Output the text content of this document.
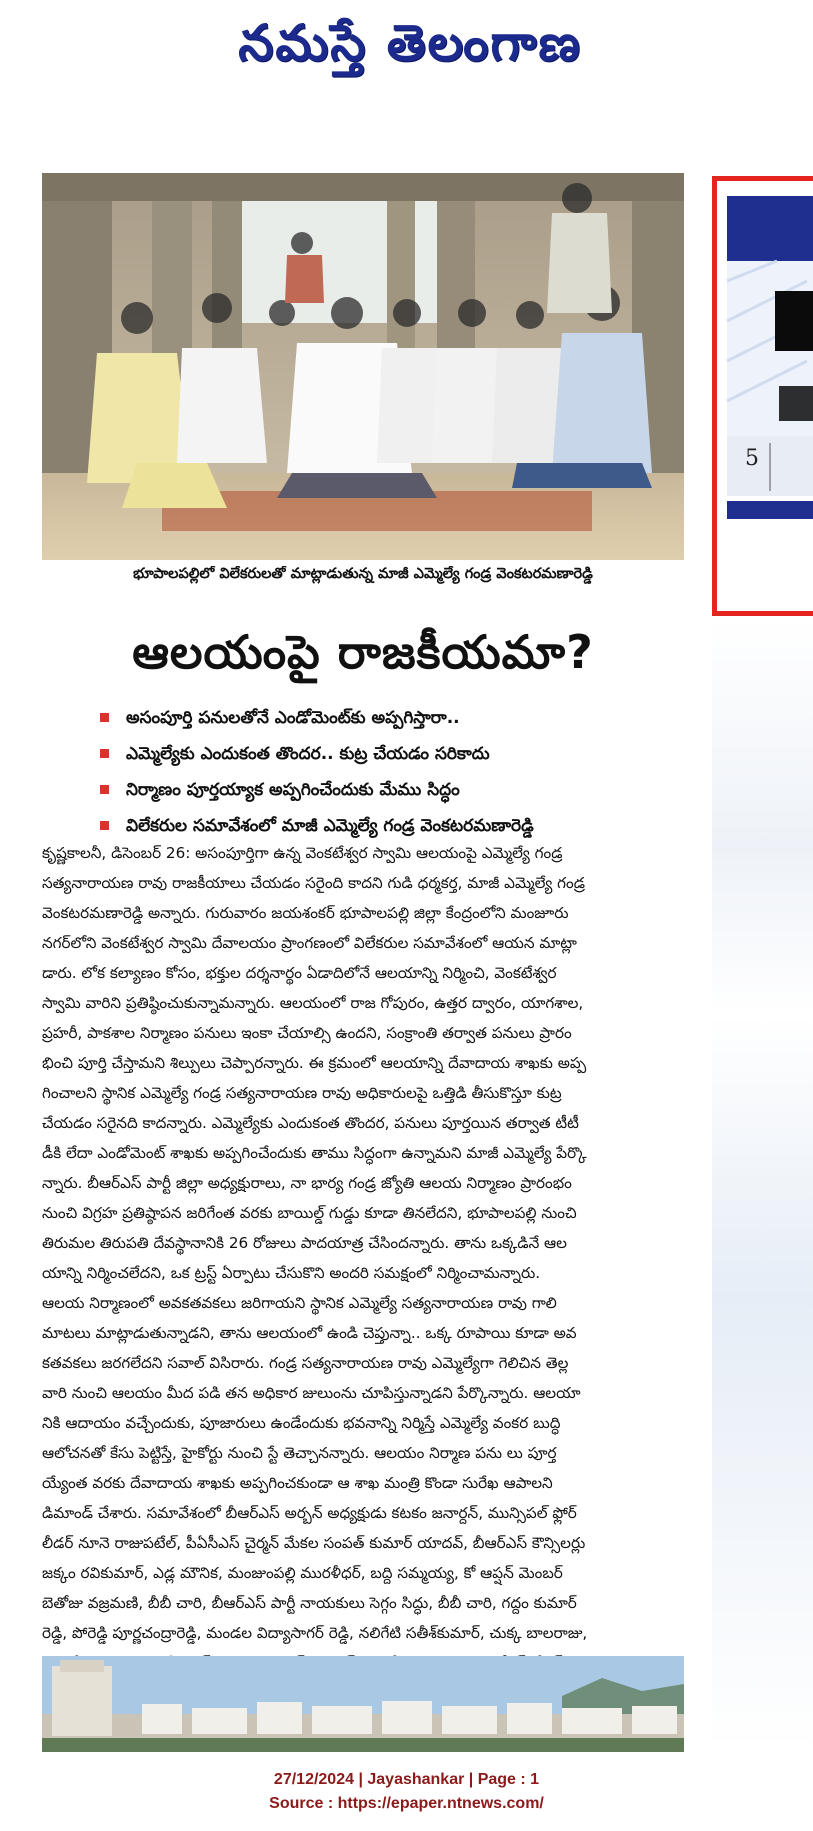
నమస్తే తెలంగాణ
భూపాలపల్లిలో విలేకరులతో మాట్లాడుతున్న మాజీ ఎమ్మెల్యే గండ్ర వెంకటరమణారెడ్డి
ఆలయంపై రాజకీయమా?
అసంపూర్తి పనులతోనే ఎండోమెంట్‌కు అప్పగిస్తారా..
ఎమ్మెల్యేకు ఎందుకంత తొందర.. కుట్ర చేయడం సరికాదు
నిర్మాణం పూర్తయ్యాక అప్పగించేందుకు మేము సిద్ధం
విలేకరుల సమావేశంలో మాజీ ఎమ్మెల్యే గండ్ర వెంకటరమణారెడ్డి
కృష్ణకాలనీ, డిసెంబర్ 26: అసంపూర్తిగా ఉన్న వెంకటేశ్వర స్వామి ఆలయంపై ఎమ్మెల్యే గండ్ర
సత్యనారాయణ రావు రాజకీయాలు చేయడం సరైంది కాదని గుడి ధర్మకర్త, మాజీ ఎమ్మెల్యే గండ్ర
వెంకటరమణారెడ్డి అన్నారు. గురువారం జయశంకర్ భూపాలపల్లి జిల్లా కేంద్రంలోని మంజూరు
నగర్‌లోని వెంకటేశ్వర స్వామి దేవాలయం ప్రాంగణంలో విలేకరుల సమావేశంలో ఆయన మాట్లా
డారు. లోక కల్యాణం కోసం, భక్తుల దర్శనార్థం ఏడాదిలోనే ఆలయాన్ని నిర్మించి, వెంకటేశ్వర
స్వామి వారిని ప్రతిష్ఠించుకున్నామన్నారు. ఆలయంలో రాజ గోపురం, ఉత్తర ద్వారం, యాగశాల,
ప్రహరీ, పాకశాల నిర్మాణం పనులు ఇంకా చేయాల్సి ఉందని, సంక్రాంతి తర్వాత పనులు ప్రారం
భించి పూర్తి చేస్తామని శిల్పులు చెప్పారన్నారు. ఈ క్రమంలో ఆలయాన్ని దేవాదాయ శాఖకు అప్ప
గించాలని స్థానిక ఎమ్మెల్యే గండ్ర సత్యనారాయణ రావు అధికారులపై ఒత్తిడి తీసుకొస్తూ కుట్ర
చేయడం సరైనది కాదన్నారు. ఎమ్మెల్యేకు ఎందుకంత తొందర, పనులు పూర్తయిన తర్వాత టీటీ
డీకి లేదా ఎండోమెంట్ శాఖకు అప్పగించేందుకు తాము సిద్ధంగా ఉన్నామని మాజీ ఎమ్మెల్యే పేర్కొ
న్నారు. బీఆర్ఎస్ పార్టీ జిల్లా అధ్యక్షురాలు, నా భార్య గండ్ర జ్యోతి ఆలయ నిర్మాణం ప్రారంభం
నుంచి విగ్రహ ప్రతిష్ఠాపన జరిగేంత వరకు బాయిల్డ్ గుడ్డు కూడా తినలేదని, భూపాలపల్లి నుంచి
తిరుమల తిరుపతి దేవస్థానానికి 26 రోజులు పాదయాత్ర చేసిందన్నారు. తాను ఒక్కడినే ఆల
యాన్ని నిర్మించలేదని, ఒక ట్రస్ట్ ఏర్పాటు చేసుకొని అందరి సమక్షంలో నిర్మించామన్నారు.
ఆలయ నిర్మాణంలో అవకతవకలు జరిగాయని స్థానిక ఎమ్మెల్యే సత్యనారాయణ రావు గాలి
మాటలు మాట్లాడుతున్నాడని, తాను ఆలయంలో ఉండి చెప్తున్నా.. ఒక్క రూపాయి కూడా అవ
కతవకలు జరగలేదని సవాల్ విసిరారు. గండ్ర సత్యనారాయణ రావు ఎమ్మెల్యేగా గెలిచిన తెల్ల
వారి నుంచి ఆలయం మీద పడి తన అధికార జులుంను చూపిస్తున్నాడని పేర్కొన్నారు. ఆలయా
నికి ఆదాయం వచ్చేందుకు, పూజారులు ఉండేందుకు భవనాన్ని నిర్మిస్తే ఎమ్మెల్యే వంకర బుద్ధి
ఆలోచనతో కేసు పెట్టిస్తే, హైకోర్టు నుంచి స్టే తెచ్చానన్నారు. ఆలయం నిర్మాణ పను లు పూర్త
య్యేంత వరకు దేవాదాయ శాఖకు అప్పగించకుండా ఆ శాఖ మంత్రి కొండా సురేఖ ఆపాలని
డిమాండ్ చేశారు. సమావేశంలో బీఆర్ఎస్ అర్బన్ అధ్యక్షుడు కటకం జనార్దన్, మున్సిపల్ ఫ్లోర్
లీడర్ నూనె రాజుపటేల్, పీఏసీఎస్ చైర్మన్ మేకల సంపత్ కుమార్ యాదవ్, బీఆర్ఎస్ కౌన్సిలర్లు
జక్కం రవికుమార్, ఎడ్ల మౌనిక, మంజుంపల్లి మురళీధర్, బద్ది సమ్మయ్య, కో ఆప్షన్ మెంబర్
బెతోజు వజ్రమణి, బీబీ చారి, బీఆర్ఎస్ పార్టీ నాయకులు సెగ్గం సిద్ధు, బీబీ చారి, గద్దం కుమార్
రెడ్డి, పోరెడ్డి పూర్ణచంద్రారెడ్డి, మండల విద్యాసాగర్ రెడ్డి, నలిగేటి సతీశ్‌కుమార్, చుక్క బాలరాజు,
27/12/2024 | Jayashankar | Page : 1
Source : https://epaper.ntnews.com/
5
